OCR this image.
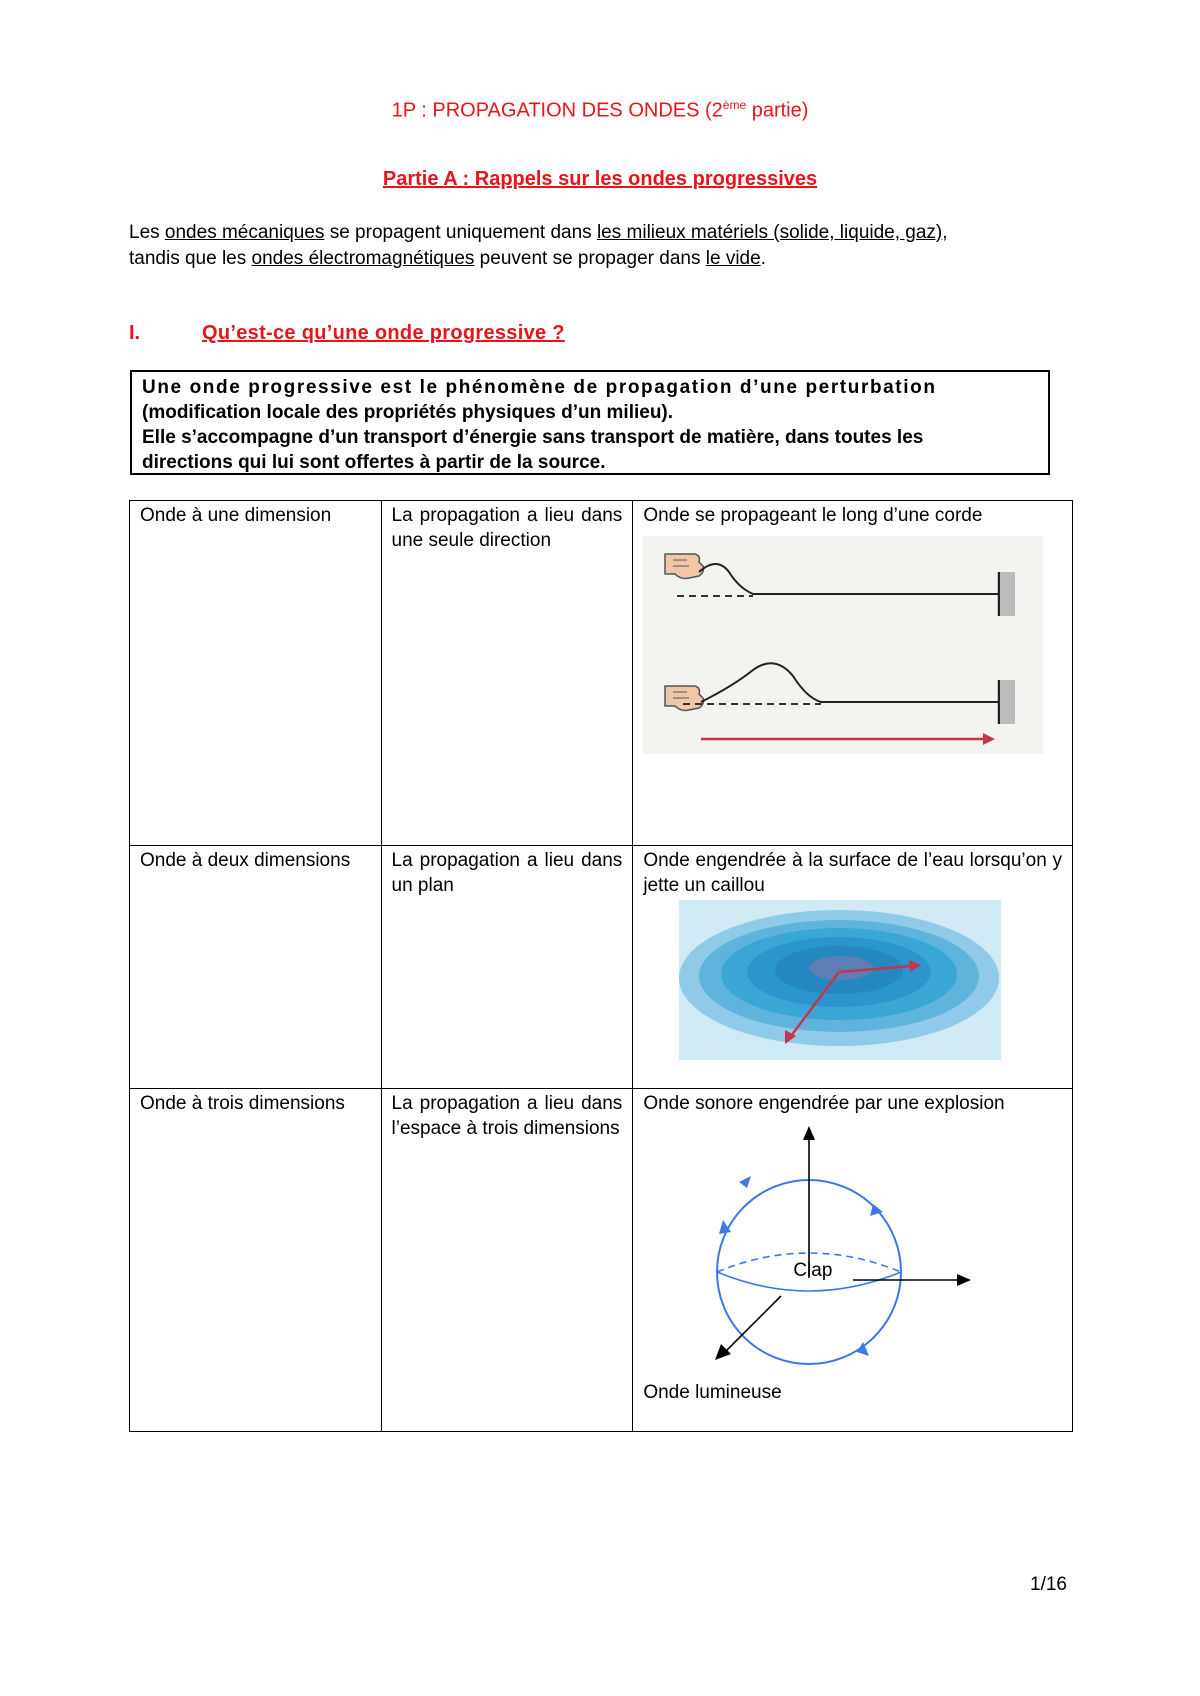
1P : PROPAGATION DES ONDES (2ème partie)
Partie A : Rappels sur les ondes progressives
Les ondes mécaniques se propagent uniquement dans les milieux matériels (solide, liquide, gaz),
tandis que les ondes électromagnétiques peuvent se propager dans le vide.
I.	Qu’est-ce qu’une onde progressive ?
Une onde progressive est le phénomène de propagation d’une perturbation
(modification locale des propriétés physiques d’un milieu).
Elle s’accompagne d’un transport d’énergie sans transport de matière, dans toutes les
directions qui lui sont offertes à partir de la source.
Onde à une dimension	La propagation a lieu dans une seule direction	Onde se propageant le long d’une corde

Onde à deux dimensions	La propagation a lieu dans un plan	Onde engendrée à la surface de l’eau lorsqu’on y jette un caillou

Onde à trois dimensions	La propagation a lieu dans l’espace à trois dimensions	Onde sonore engendrée par une explosion
Clap
Onde lumineuse
1/16
